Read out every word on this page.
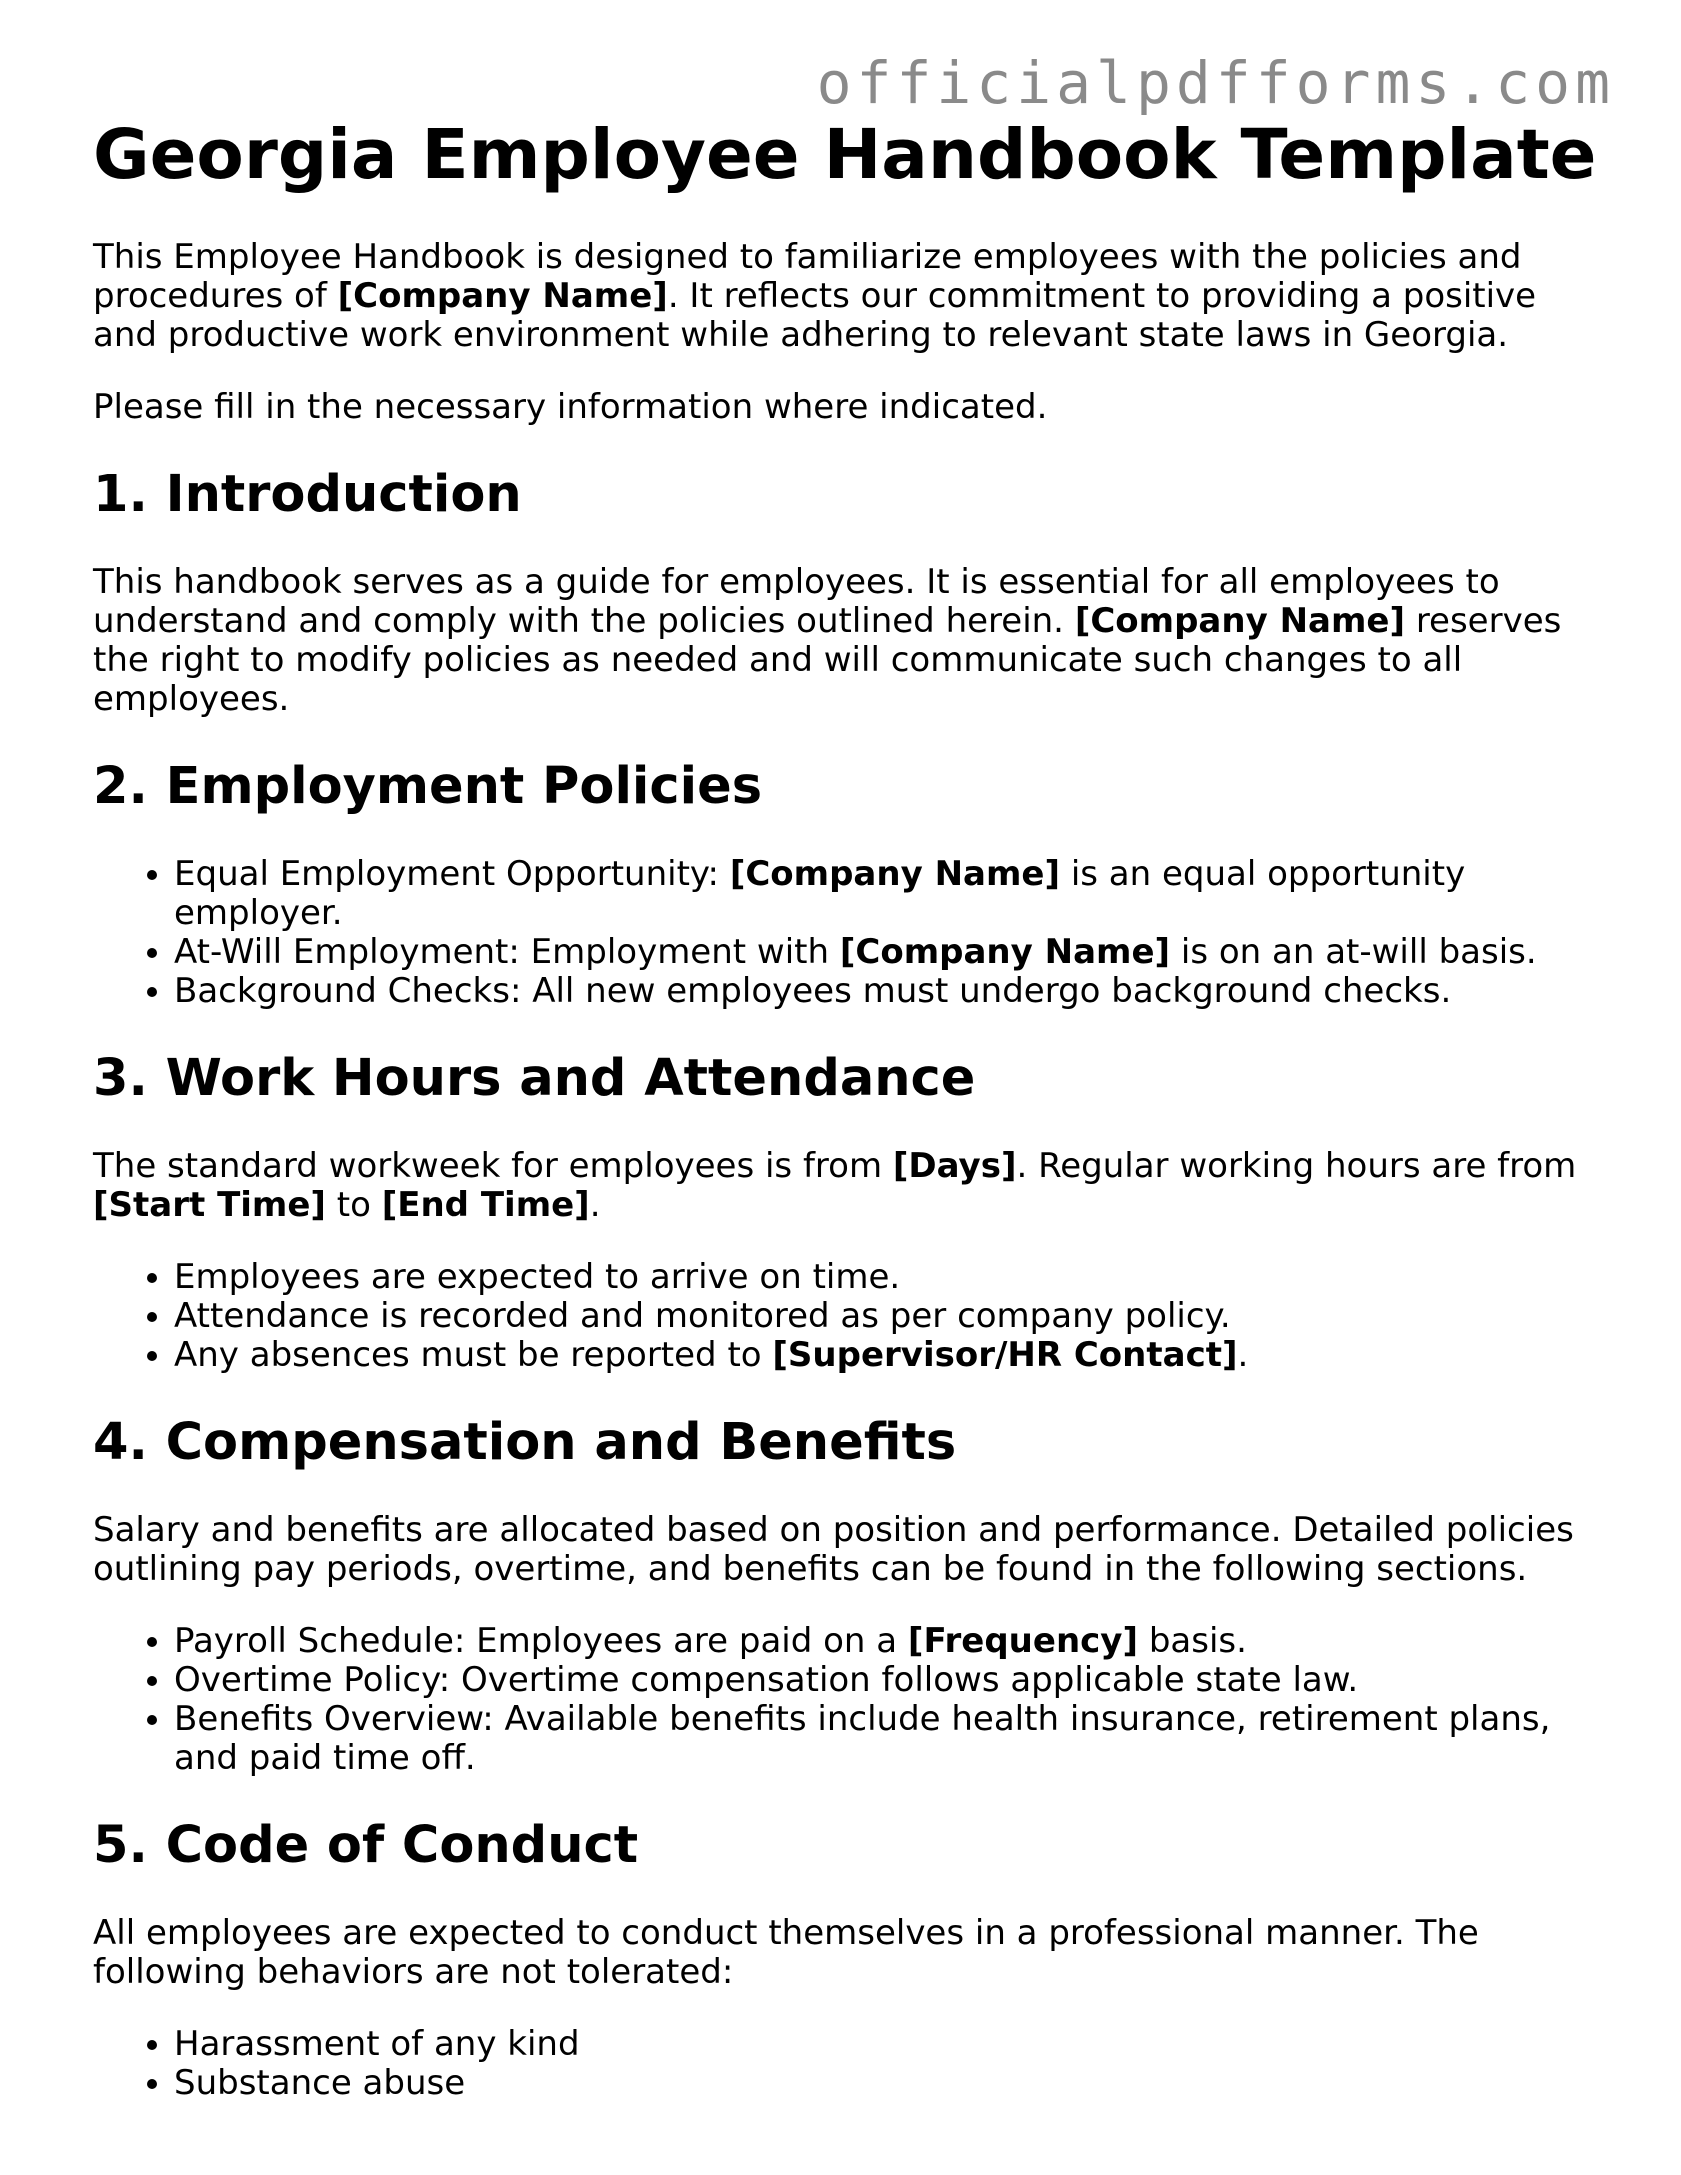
officialpdfforms.com
Georgia Employee Handbook Template

This Employee Handbook is designed to familiarize employees with the policies and procedures of [Company Name]. It reflects our commitment to providing a positive and productive work environment while adhering to relevant state laws in Georgia.

Please fill in the necessary information where indicated.

1. Introduction

This handbook serves as a guide for employees. It is essential for all employees to understand and comply with the policies outlined herein. [Company Name] reserves the right to modify policies as needed and will communicate such changes to all employees.

2. Employment Policies
• Equal Employment Opportunity: [Company Name] is an equal opportunity employer.
• At-Will Employment: Employment with [Company Name] is on an at-will basis.
• Background Checks: All new employees must undergo background checks.
3. Work Hours and Attendance

The standard workweek for employees is from [Days]. Regular working hours are from [Start Time] to [End Time].

• Employees are expected to arrive on time.
• Attendance is recorded and monitored as per company policy.
• Any absences must be reported to [Supervisor/HR Contact].
4. Compensation and Benefits

Salary and benefits are allocated based on position and performance. Detailed policies outlining pay periods, overtime, and benefits can be found in the following sections.

• Payroll Schedule: Employees are paid on a [Frequency] basis.
• Overtime Policy: Overtime compensation follows applicable state law.
• Benefits Overview: Available benefits include health insurance, retirement plans, and paid time off.
5. Code of Conduct

All employees are expected to conduct themselves in a professional manner. The following behaviors are not tolerated:

• Harassment of any kind
• Substance abuse
